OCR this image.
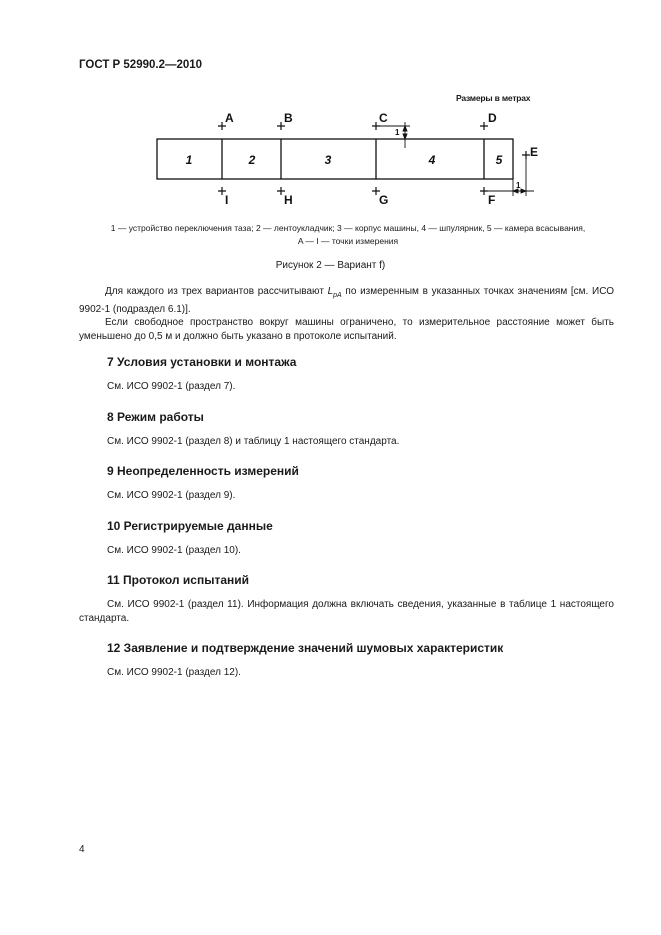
ГОСТ Р 52990.2—2010
Размеры в метрах
1	2	3	4	5
A	B	C	D
I	H	G	F
E
1
1
1 — устройство переключения таза; 2 — лентоукладчик; 3 — корпус машины, 4 — шпулярник, 5 — камера всасывания,
A — I — точки измерения
Рисунок 2 — Вариант f)

Для каждого из трех вариантов рассчитывают $L_{pA}$ по измеренным в указанных точках значениям [см. ИСО 9902-1 (подраздел 6.1)].

Если свободное пространство вокруг машины ограничено, то измерительное расстояние может быть уменьшено до 0,5 м и должно быть указано в протоколе испытаний.

7 Условия установки и монтажа
См. ИСО 9902-1 (раздел 7).
8 Режим работы
См. ИСО 9902-1 (раздел 8) и таблицу 1 настоящего стандарта.
9 Неопределенность измерений
См. ИСО 9902-1 (раздел 9).
10 Регистрируемые данные
См. ИСО 9902-1 (раздел 10).
11 Протокол испытаний
См. ИСО 9902-1 (раздел 11). Информация должна включать сведения, указанные в таблице 1 настоящего стандарта.
12 Заявление и подтверждение значений шумовых характеристик
См. ИСО 9902-1 (раздел 12).
4
